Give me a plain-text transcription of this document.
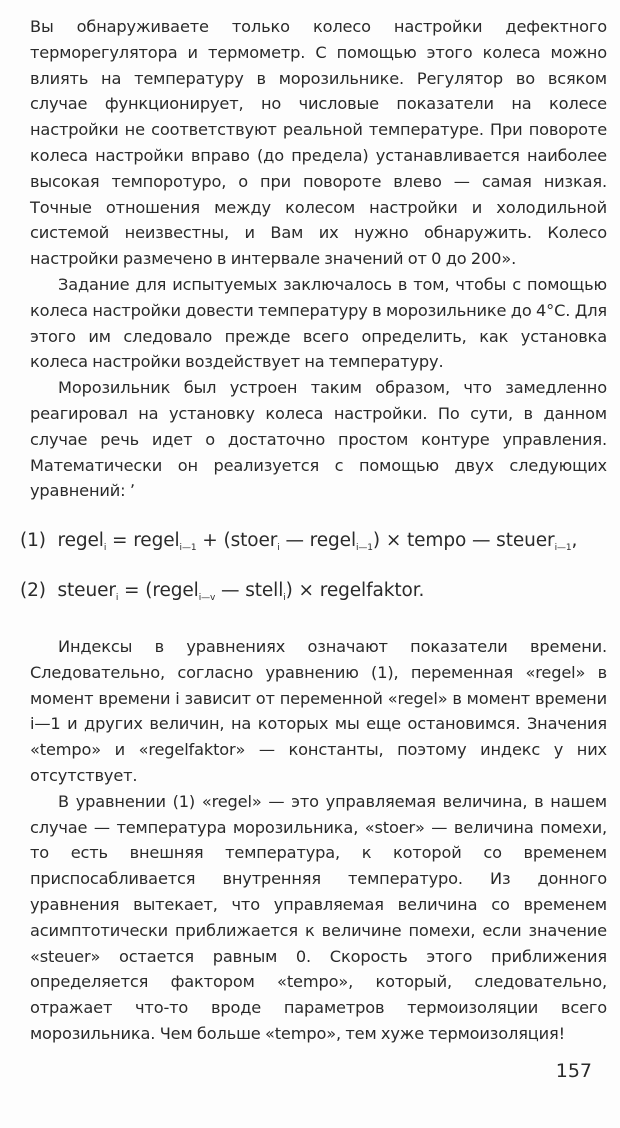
Вы обнаруживаете только колесо настройки дефектного терморегулятора и термометр. С помощью этого колеса можно влиять на температуру в морозильнике. Регулятор во всяком случае функционирует, но числовые показатели на колесе настройки не соответствуют реальной температуре. При повороте колеса настройки вправо (до предела) устанавливается наиболее высокая темпоротуро, о при повороте влево — самая низкая. Точные отношения между колесом настройки и холодильной системой неизвестны, и Вам их нужно обнаружить. Колесо настройки размечено в интервале значений от 0 до 200».

Задание для испытуемых заключалось в том, чтобы с помощью колеса настройки довести температуру в морозильнике до 4°С. Для этого им следовало прежде всего определить, как установка колеса настройки воздействует на температуру.

Морозильник был устроен таким образом, что замедленно реагировал на установку колеса настройки. По сути, в данном случае речь идет о достаточно простом контуре управления. Математически он реализуется с помощью двух следующих уравнений: ʼ

(1) regel$_i$ = regel$_{i—1}$ + (stoer$_i$ — regel$_{i—1}$) × tempo — steuer$_{i—1}$,
(2) steuer$_i$ = (regel$_{i—v}$ — stell$_i$) × regelfaktor.

Индексы в уравнениях означают показатели времени. Следовательно, согласно уравнению (1), переменная «regel» в момент времени i зависит от переменной «regel» в момент времени i—1 и других величин, на которых мы еще остановимся. Значения «tempo» и «regelfaktor» — константы, поэтому индекс у них отсутствует.

В уравнении (1) «regel» — это управляемая величина, в нашем случае — температура морозильника, «stoer» — величина помехи, то есть внешняя температура, к которой со временем приспосабливается внутренняя температуро. Из донного уравнения вытекает, что управляемая величина со временем асимптотически приближается к величине помехи, если значение «steuer» остается равным 0. Скорость этого приближения определяется фактором «tempo», который, следовательно, отражает что-то вроде параметров термоизоляции всего морозильника. Чем больше «tempo», тем хуже термоизоляция!

157
